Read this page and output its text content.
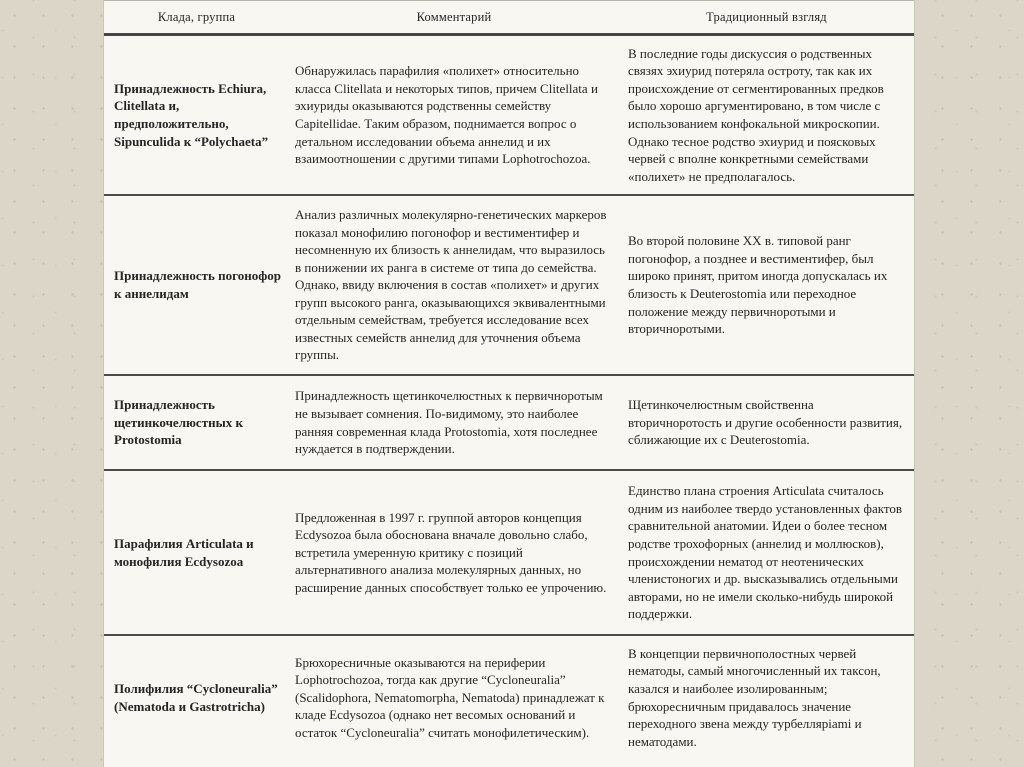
Клада, группа	Комментарий	Традиционный взгляд
Принадлежность Echiura, Clitellata и, предположительно, Sipunculida к “Polychaeta”
Обнаружилась парафилия «полихет» относительно класса Clitellata и некоторых типов, причем Clitellata и эхиуриды оказываются родственны семейству Capitellidae. Таким образом, поднимается вопрос о детальном исследовании объема аннелид и их взаимоотношении с другими типами Lophotrochozoa.
В последние годы дискуссия о родственных связях эхиурид потеряла остроту, так как их происхождение от сегментированных предков было хорошо аргументировано, в том числе с использованием конфокальной микроскопии. Однако тесное родство эхиурид и поясковых червей с вполне конкретными семействами «полихет» не предполагалось.
Принадлежность погонофор к аннелидам
Анализ различных молекулярно-генетических маркеров показал монофилию погонофор и вестиментифер и несомненную их близость к аннелидам, что выразилось в понижении их ранга в системе от типа до семейства. Однако, ввиду включения в состав «полихет» и других групп высокого ранга, оказывающихся эквивалентными отдельным семействам, требуется исследование всех известных семейств аннелид для уточнения объема группы.
Во второй половине XX в. типовой ранг погонофор, а позднее и вестиментифер, был широко принят, притом иногда допускалась их близость к Deuterostomia или переходное положение между первичноротыми и вторичноротыми.
Принадлежность щетинкочелюстных к Protostomia
Принадлежность щетинкочелюстных к первичноротым не вызывает сомнения. По-видимому, это наиболее ранняя современная клада Protostomia, хотя последнее нуждается в подтверждении.
Щетинкочелюстным свойственна вторичноротость и другие особенности развития, сближающие их с Deuterostomia.
Парафилия Articulata и монофилия Ecdysozoa
Предложенная в 1997 г. группой авторов концепция Ecdysozoa была обоснована вначале довольно слабо, встретила умеренную критику с позиций альтернативного анализа молекулярных данных, но расширение данных способствует только ее упрочению.
Единство плана строения Articulata считалось одним из наиболее твердо установленных фактов сравнительной анатомии. Идеи о более тесном родстве трохофорных (аннелид и моллюсков), происхождении нематод от неотенических членистоногих и др. высказывались отдельными авторами, но не имели сколько-нибудь широкой поддержки.
Полифилия “Cycloneuralia” (Nematoda и Gastrotricha)
Брюхоресничные оказываются на периферии Lophotrochozoa, тогда как другие “Cycloneuralia” (Scalidophora, Nematomorpha, Nematoda) принадлежат к кладе Ecdysozoa (однако нет весомых оснований и остаток “Cycloneuralia” считать монофилетическим).
В концепции первичнополостных червей нематоды, самый многочисленный их таксон, казался и наиболее изолированным; брюхоресничным придавалось значение переходного звена между турбеллярiami и нематодами.
